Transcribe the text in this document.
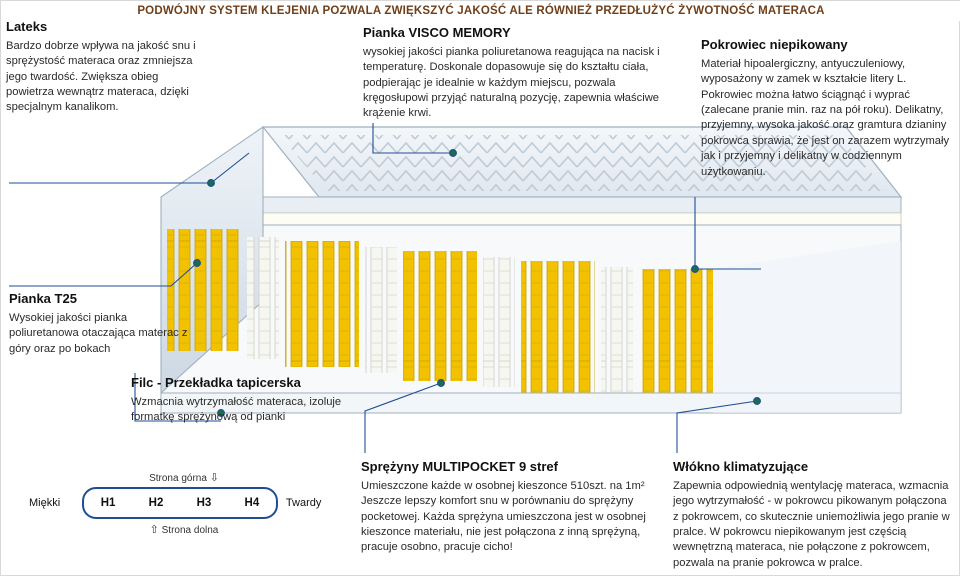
PODWÓJNY SYSTEM KLEJENIA POZWALA ZWIĘKSZYĆ JAKOŚĆ ALE RÓWNIEŻ PRZEDŁUŻYĆ ŻYWOTNOŚĆ MATERACA
Lateks
Bardzo dobrze wpływa na jakość snu i sprężystość materaca oraz zmniejsza jego twardość. Zwiększa obieg powietrza wewnątrz materaca, dzięki specjalnym kanalikom.
Pianka VISCO MEMORY
wysokiej jakości pianka poliuretanowa reagująca na nacisk i temperaturę. Doskonale dopasowuje się do kształtu ciała, podpierając je idealnie w każdym miejscu, pozwala kręgosłupowi przyjąć naturalną pozycję, zapewnia właściwe krążenie krwi.
Pokrowiec niepikowany
Materiał hipoalergiczny, antyuczuleniowy, wyposażony w zamek w kształcie litery L. Pokrowiec można łatwo ściągnąć i wyprać (zalecane pranie min. raz na pół roku). Delikatny, przyjemny, wysoka jakość oraz gramtura dzianiny pokrowca sprawia, że jest on zarazem wytrzymały jak i przyjemny i delikatny w codziennym użytkowaniu.
Pianka T25
Wysokiej jakości pianka poliuretanowa otaczająca materac z góry oraz po bokach
Filc - Przekładka tapicerska
Wzmacnia wytrzymałość materaca, izoluje formatkę sprężynową od pianki
Sprężyny MULTIPOCKET 9 stref
Umieszczone każde w osobnej kieszonce 510szt. na 1m² Jeszcze lepszy komfort snu w porównaniu do sprężyny pocketowej. Każda sprężyna umieszczona jest w osobnej kieszonce materiału, nie jest połączona z inną sprężyną, pracuje osobno, pracuje cicho!
Włókno klimatyzujące
Zapewnia odpowiednią wentylację materaca, wzmacnia jego wytrzymałość - w pokrowcu pikowanym połączona z pokrowcem, co skutecznie uniemożliwia jego pranie w pralce. W pokrowcu niepikowanym jest częścią wewnętrzną materaca, nie połączone z pokrowcem, pozwala na pranie pokrowca w pralce.
Strona górna ⇩
Miękki	H1	H2	H3	H4	Twardy
⇧ Strona dolna
